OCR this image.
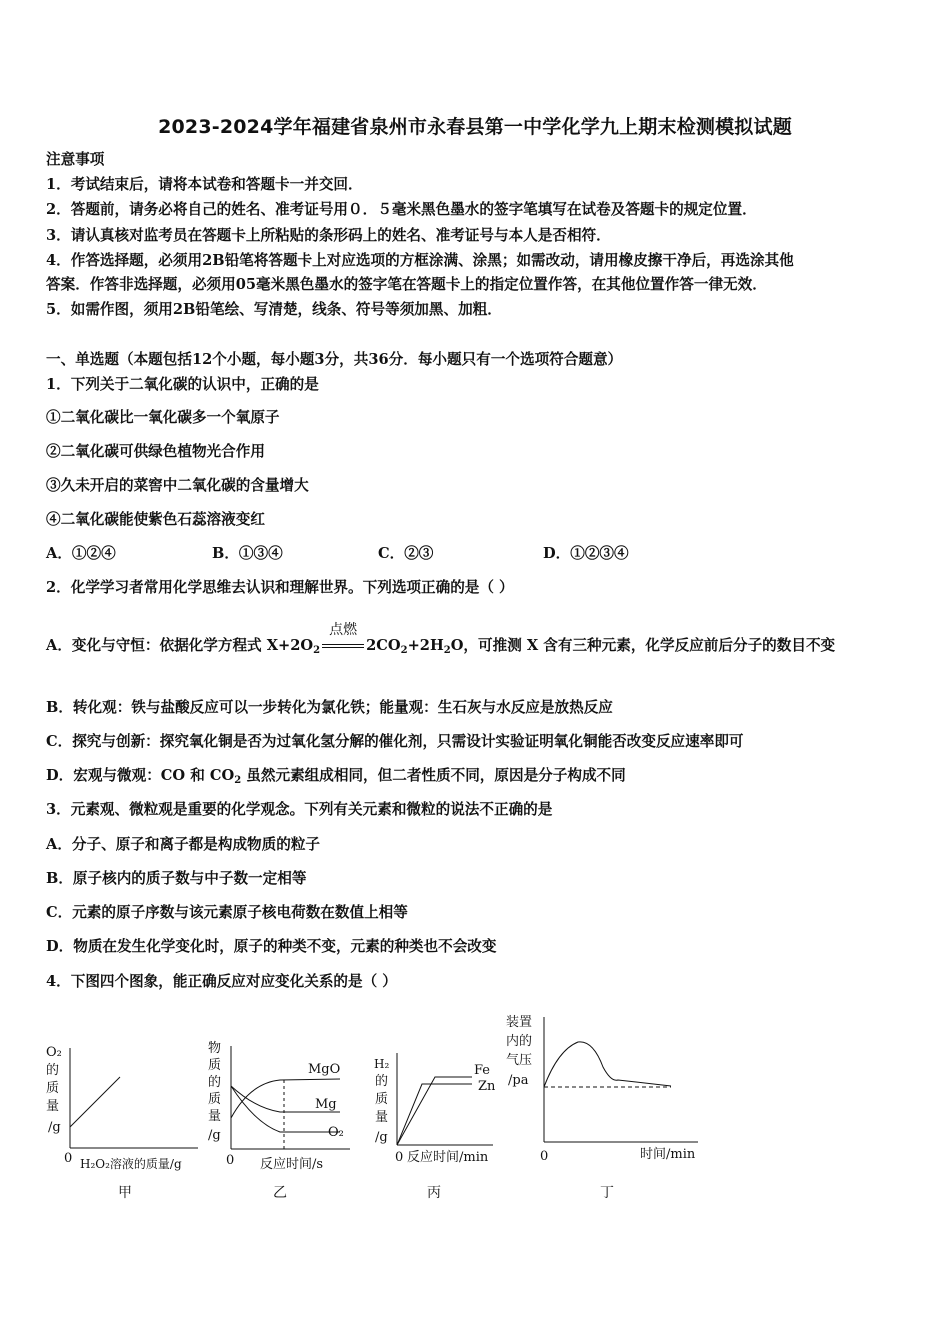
2023-2024学年福建省泉州市永春县第一中学化学九上期末检测模拟试题
注意事项
1．考试结束后，请将本试卷和答题卡一并交回．
2．答题前，请务必将自己的姓名、准考证号用０．５毫米黑色墨水的签字笔填写在试卷及答题卡的规定位置．
3．请认真核对监考员在答题卡上所粘贴的条形码上的姓名、准考证号与本人是否相符．
4．作答选择题，必须用2B铅笔将答题卡上对应选项的方框涂满、涂黑；如需改动，请用橡皮擦干净后，再选涂其他
答案．作答非选择题，必须用05毫米黑色墨水的签字笔在答题卡上的指定位置作答，在其他位置作答一律无效．
5．如需作图，须用2B铅笔绘、写清楚，线条、符号等须加黑、加粗．
一、单选题（本题包括12个小题，每小题3分，共36分．每小题只有一个选项符合题意）
1．下列关于二氧化碳的认识中，正确的是
①二氧化碳比一氧化碳多一个氧原子
②二氧化碳可供绿色植物光合作用
③久未开启的菜窖中二氧化碳的含量增大
④二氧化碳能使紫色石蕊溶液变红
A．①②④	B．①③④	C．②③	D．①②③④
2．化学学习者常用化学思维去认识和理解世界。下列选项正确的是（ ）
A．变化与守恒：依据化学方程式 $X+2O_2$
点燃
$2CO_2+2H_2O$，可推测 X 含有三种元素，化学反应前后分子的数目不变
B．转化观：铁与盐酸反应可以一步转化为氯化铁；能量观：生石灰与水反应是放热反应
C．探究与创新：探究氧化铜是否为过氧化氢分解的催化剂，只需设计实验证明氧化铜能否改变反应速率即可
D．宏观与微观：CO 和 $CO_2$ 虽然元素组成相同，但二者性质不同，原因是分子构成不同
3．元素观、微粒观是重要的化学观念。下列有关元素和微粒的说法不正确的是
A．分子、原子和离子都是构成物质的粒子
B．原子核内的质子数与中子数一定相等
C．元素的原子序数与该元素原子核电荷数在数值上相等
D．物质在发生化学变化时，原子的种类不变，元素的种类也不会改变
4．下图四个图象，能正确反应对应变化关系的是（ ）
O₂
的
质
量
/g
0 H₂O₂溶液的质量/g
甲
物
质
的
质
量
/g
MgO
Mg
O₂
0 反应时间/s
乙
H₂
的
质
量
/g
Fe
Zn
0 反应时间/min
丙
装置
内的
气压
/pa
0	时间/min
丁
